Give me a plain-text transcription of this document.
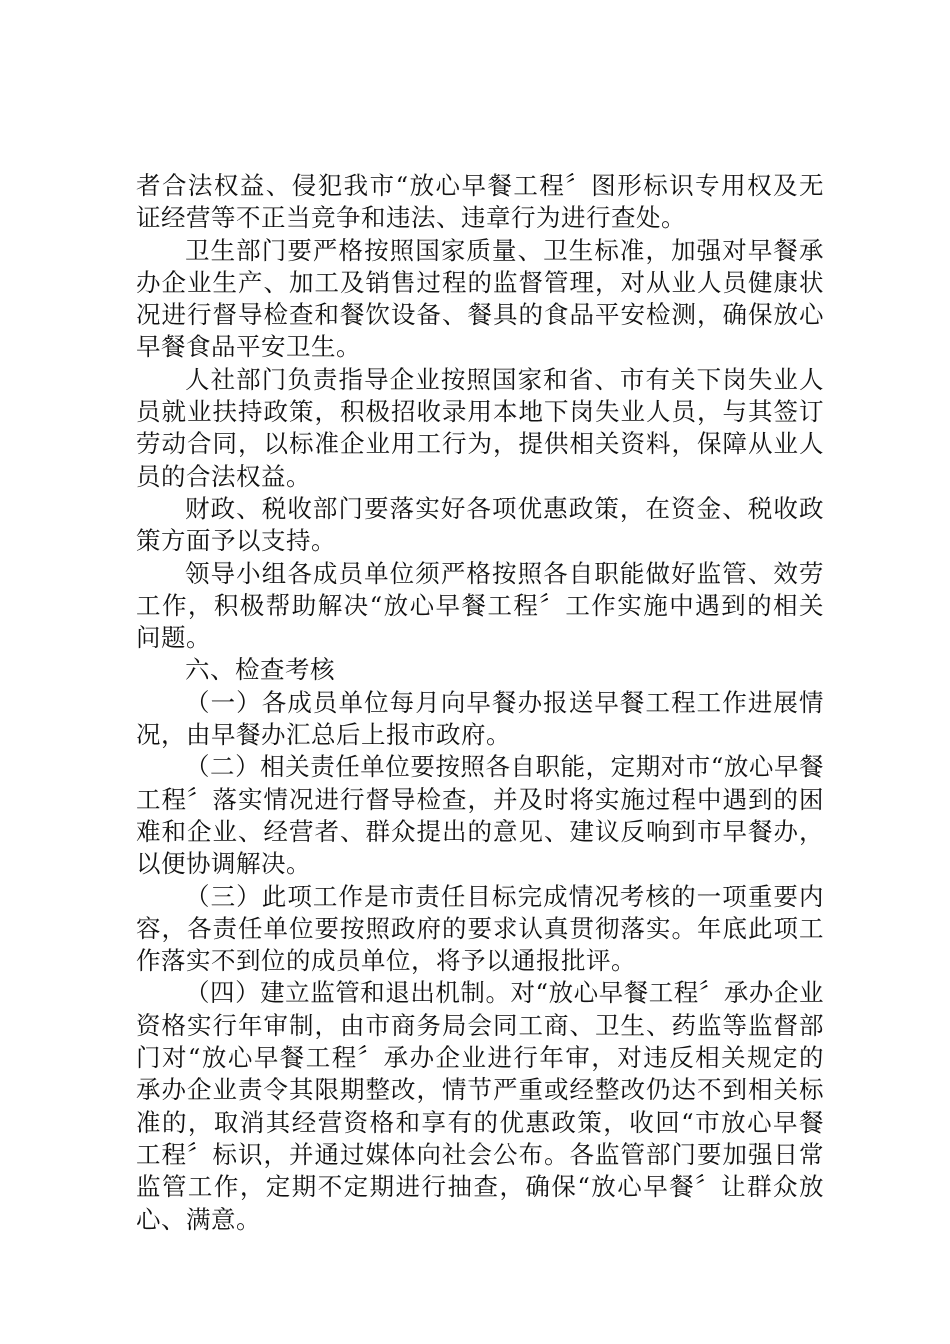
者合法权益、侵犯我市“放心早餐工程〞图形标识专用权及无证经营等不正当竞争和违法、违章行为进行查处。

卫生部门要严格按照国家质量、卫生标准，加强对早餐承办企业生产、加工及销售过程的监督管理，对从业人员健康状况进行督导检查和餐饮设备、餐具的食品平安检测，确保放心早餐食品平安卫生。

人社部门负责指导企业按照国家和省、市有关下岗失业人员就业扶持政策，积极招收录用本地下岗失业人员，与其签订劳动合同，以标准企业用工行为，提供相关资料，保障从业人员的合法权益。

财政、税收部门要落实好各项优惠政策，在资金、税收政策方面予以支持。

领导小组各成员单位须严格按照各自职能做好监管、效劳工作，积极帮助解决“放心早餐工程〞工作实施中遇到的相关问题。

六、检查考核

（一）各成员单位每月向早餐办报送早餐工程工作进展情况，由早餐办汇总后上报市政府。

（二）相关责任单位要按照各自职能，定期对市“放心早餐工程〞落实情况进行督导检查，并及时将实施过程中遇到的困难和企业、经营者、群众提出的意见、建议反响到市早餐办，以便协调解决。

（三）此项工作是市责任目标完成情况考核的一项重要内容，各责任单位要按照政府的要求认真贯彻落实。年底此项工作落实不到位的成员单位，将予以通报批评。

（四）建立监管和退出机制。对“放心早餐工程〞承办企业资格实行年审制，由市商务局会同工商、卫生、药监等监督部门对“放心早餐工程〞承办企业进行年审，对违反相关规定的承办企业责令其限期整改，情节严重或经整改仍达不到相关标准的，取消其经营资格和享有的优惠政策，收回“市放心早餐工程〞标识，并通过媒体向社会公布。各监管部门要加强日常监管工作，定期不定期进行抽查，确保“放心早餐〞让群众放心、满意。
